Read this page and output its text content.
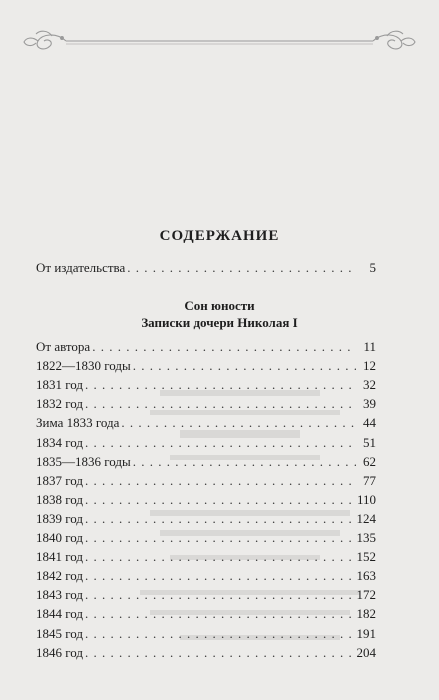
СОДЕРЖАНИЕ
От издательства . . .	5
Сон юности
Записки дочери Николая I
От автора . . .	11
1822—1830 годы . . .	12
1831 год . . .	32
1832 год . . .	39
Зима 1833 года . . .	44
1834 год . . .	51
1835—1836 годы . . .	62
1837 год . . .	77
1838 год . . .	110
1839 год . . .	124
1840 год . . .	135
1841 год . . .	152
1842 год . . .	163
1843 год . . .	172
1844 год . . .	182
1845 год . . .	191
1846 год . . .	204
